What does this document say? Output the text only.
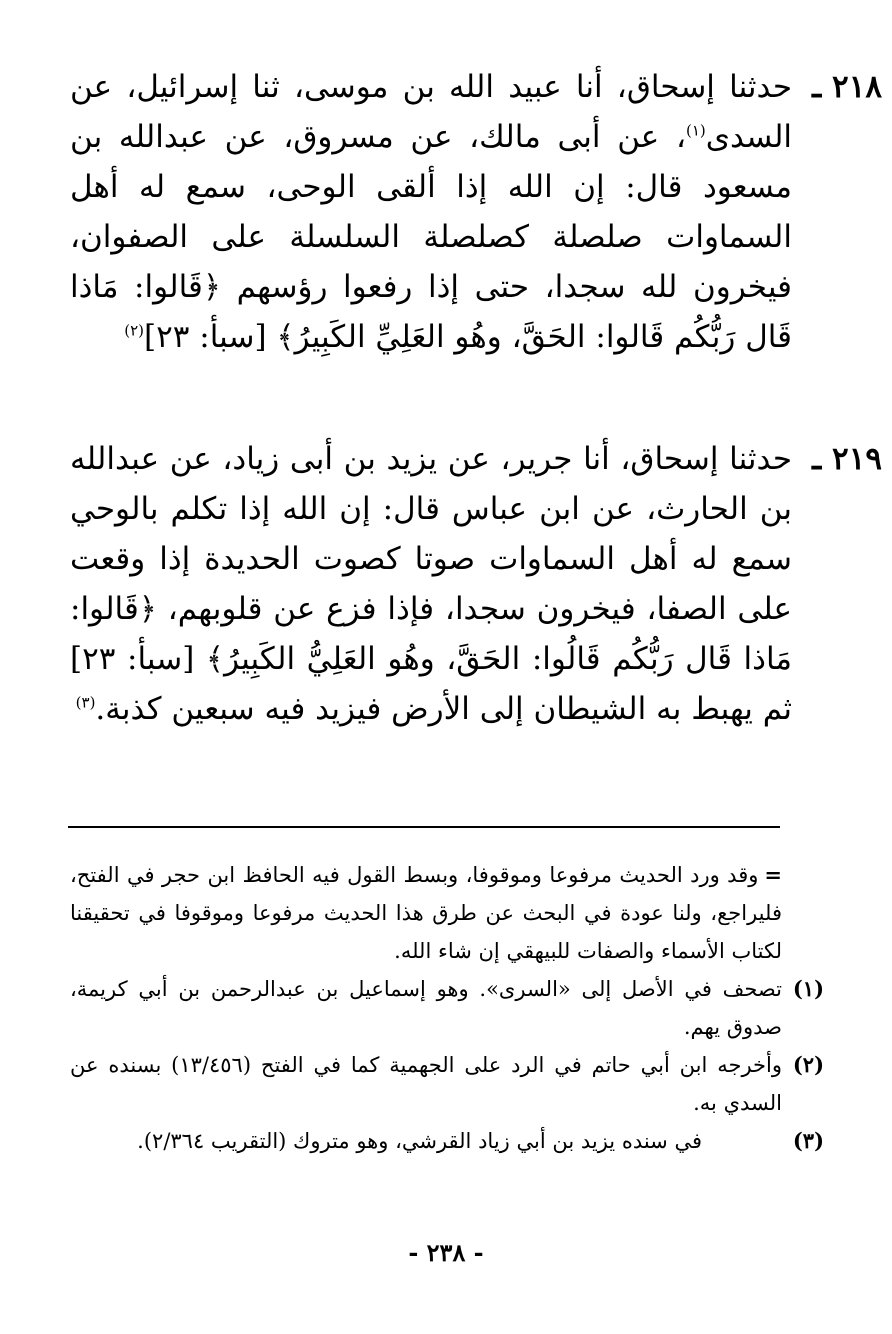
٢١٨ ـ
حدثنا إسحاق، أنا عبيد الله بن موسى، ثنا إسرائيل، عن السدى$^{(١)}$، عن أبى مالك، عن مسروق، عن عبدالله بن مسعود قال: إن الله إذا ألقى الوحى، سمع له أهل السماوات صلصلة كصلصلة السلسلة على الصفوان، فيخرون لله سجدا، حتى إذا رفعوا رؤسهم ﴿قَالوا: مَاذا قَال رَبُّكُم قَالوا: الحَقَّ، وهُو العَلِيِّ الكَبِيرُ﴾ [سبأ: ٢٣]$^{(٢)}$
٢١٩ ـ
حدثنا إسحاق، أنا جرير، عن يزيد بن أبى زياد، عن عبدالله بن الحارث، عن ابن عباس قال: إن الله إذا تكلم بالوحي سمع له أهل السماوات صوتا كصوت الحديدة إذا وقعت على الصفا، فيخرون سجدا، فإذا فزع عن قلوبهم، ﴿قَالوا: مَاذا قَال رَبُّكُم قَالُوا: الحَقَّ، وهُو العَلِيُّ الكَبِيرُ﴾ [سبأ: ٢٣] ثم يهبط به الشيطان إلى الأرض فيزيد فيه سبعين كذبة.$^{(٣)}$
=وقد ورد الحديث مرفوعا وموقوفا، وبسط القول فيه الحافظ ابن حجر في الفتح، فليراجع، ولنا عودة في البحث عن طرق هذا الحديث مرفوعا وموقوفا في تحقيقنا لكتاب الأسماء والصفات للبيهقي إن شاء الله.
(١)
تصحف في الأصل إلى «السرى». وهو إسماعيل بن عبدالرحمن بن أبي كريمة، صدوق يهم.
(٢)
وأخرجه ابن أبي حاتم في الرد على الجهمية كما في الفتح (١٣/٤٥٦) بسنده عن السدي به.
(٣)
في سنده يزيد بن أبي زياد القرشي، وهو متروك (التقريب ٢/٣٦٤).
- ٢٣٨ -
